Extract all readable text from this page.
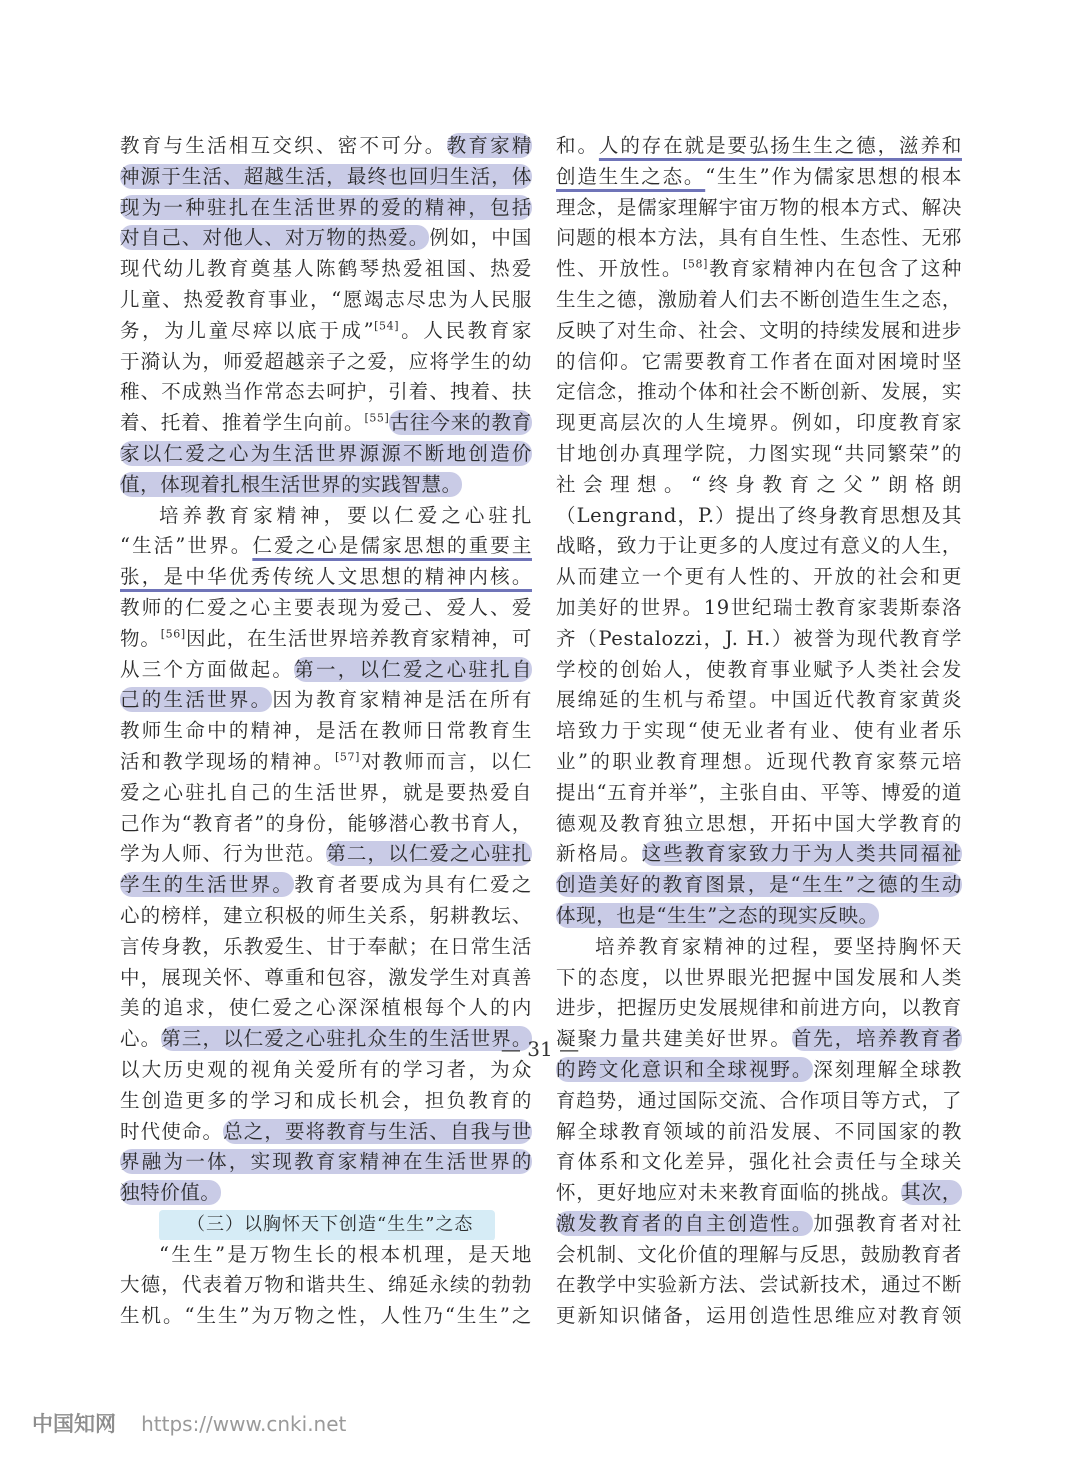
教育与生活相互交织、密不可分。教育家精
神源于生活、超越生活，最终也回归生活，体
现为一种驻扎在生活世界的爱的精神，包括
对自己、对他人、对万物的热爱。例如，中国
现代幼儿教育奠基人陈鹤琴热爱祖国、热爱
儿童、热爱教育事业，“愿竭志尽忠为人民服
务，为儿童尽瘁以底于成”[54]。人民教育家
于漪认为，师爱超越亲子之爱，应将学生的幼
稚、不成熟当作常态去呵护，引着、拽着、扶
着、托着、推着学生向前。[55]古往今来的教育
家以仁爱之心为生活世界源源不断地创造价
值，体现着扎根生活世界的实践智慧。
培养教育家精神，要以仁爱之心驻扎
“生活”世界。仁爱之心是儒家思想的重要主
张，是中华优秀传统人文思想的精神内核。
教师的仁爱之心主要表现为爱己、爱人、爱
物。[56]因此，在生活世界培养教育家精神，可
从三个方面做起。第一，以仁爱之心驻扎自
己的生活世界。因为教育家精神是活在所有
教师生命中的精神，是活在教师日常教育生
活和教学现场的精神。[57]对教师而言，以仁
爱之心驻扎自己的生活世界，就是要热爱自
己作为“教育者”的身份，能够潜心教书育人，
学为人师、行为世范。第二，以仁爱之心驻扎
学生的生活世界。教育者要成为具有仁爱之
心的榜样，建立积极的师生关系，躬耕教坛、
言传身教，乐教爱生、甘于奉献；在日常生活
中，展现关怀、尊重和包容，激发学生对真善
美的追求，使仁爱之心深深植根每个人的内
心。第三，以仁爱之心驻扎众生的生活世界。
以大历史观的视角关爱所有的学习者，为众
生创造更多的学习和成长机会，担负教育的
时代使命。总之，要将教育与生活、自我与世
界融为一体，实现教育家精神在生活世界的
独特价值。
（三）以胸怀天下创造“生生”之态
“生生”是万物生长的根本机理，是天地
大德，代表着万物和谐共生、绵延永续的勃勃
生机。“生生”为万物之性，人性乃“生生”之
和。人的存在就是要弘扬生生之德，滋养和
创造生生之态。“生生”作为儒家思想的根本
理念，是儒家理解宇宙万物的根本方式、解决
问题的根本方法，具有自生性、生态性、无邪
性、开放性。[58]教育家精神内在包含了这种
生生之德，激励着人们去不断创造生生之态，
反映了对生命、社会、文明的持续发展和进步
的信仰。它需要教育工作者在面对困境时坚
定信念，推动个体和社会不断创新、发展，实
现更高层次的人生境界。例如，印度教育家
甘地创办真理学院，力图实现“共同繁荣”的
社会理想。“终身教育之父”朗格朗
（Lengrand，P.）提出了终身教育思想及其
战略，致力于让更多的人度过有意义的人生，
从而建立一个更有人性的、开放的社会和更
加美好的世界。19世纪瑞士教育家裴斯泰洛
齐（Pestalozzi，J. H.）被誉为现代教育学
学校的创始人，使教育事业赋予人类社会发
展绵延的生机与希望。中国近代教育家黄炎
培致力于实现“使无业者有业、使有业者乐
业”的职业教育理想。近现代教育家蔡元培
提出“五育并举”，主张自由、平等、博爱的道
德观及教育独立思想，开拓中国大学教育的
新格局。这些教育家致力于为人类共同福祉
创造美好的教育图景，是“生生”之德的生动
体现，也是“生生”之态的现实反映。
培养教育家精神的过程，要坚持胸怀天
下的态度，以世界眼光把握中国发展和人类
进步，把握历史发展规律和前进方向，以教育
凝聚力量共建美好世界。首先，培养教育者
的跨文化意识和全球视野。深刻理解全球教
育趋势，通过国际交流、合作项目等方式，了
解全球教育领域的前沿发展、不同国家的教
育体系和文化差异，强化社会责任与全球关
怀，更好地应对未来教育面临的挑战。其次，
激发教育者的自主创造性。加强教育者对社
会机制、文化价值的理解与反思，鼓励教育者
在教学中实验新方法、尝试新技术，通过不断
更新知识储备，运用创造性思维应对教育领
— 31 —
中国知网 https://www.cnki.net
